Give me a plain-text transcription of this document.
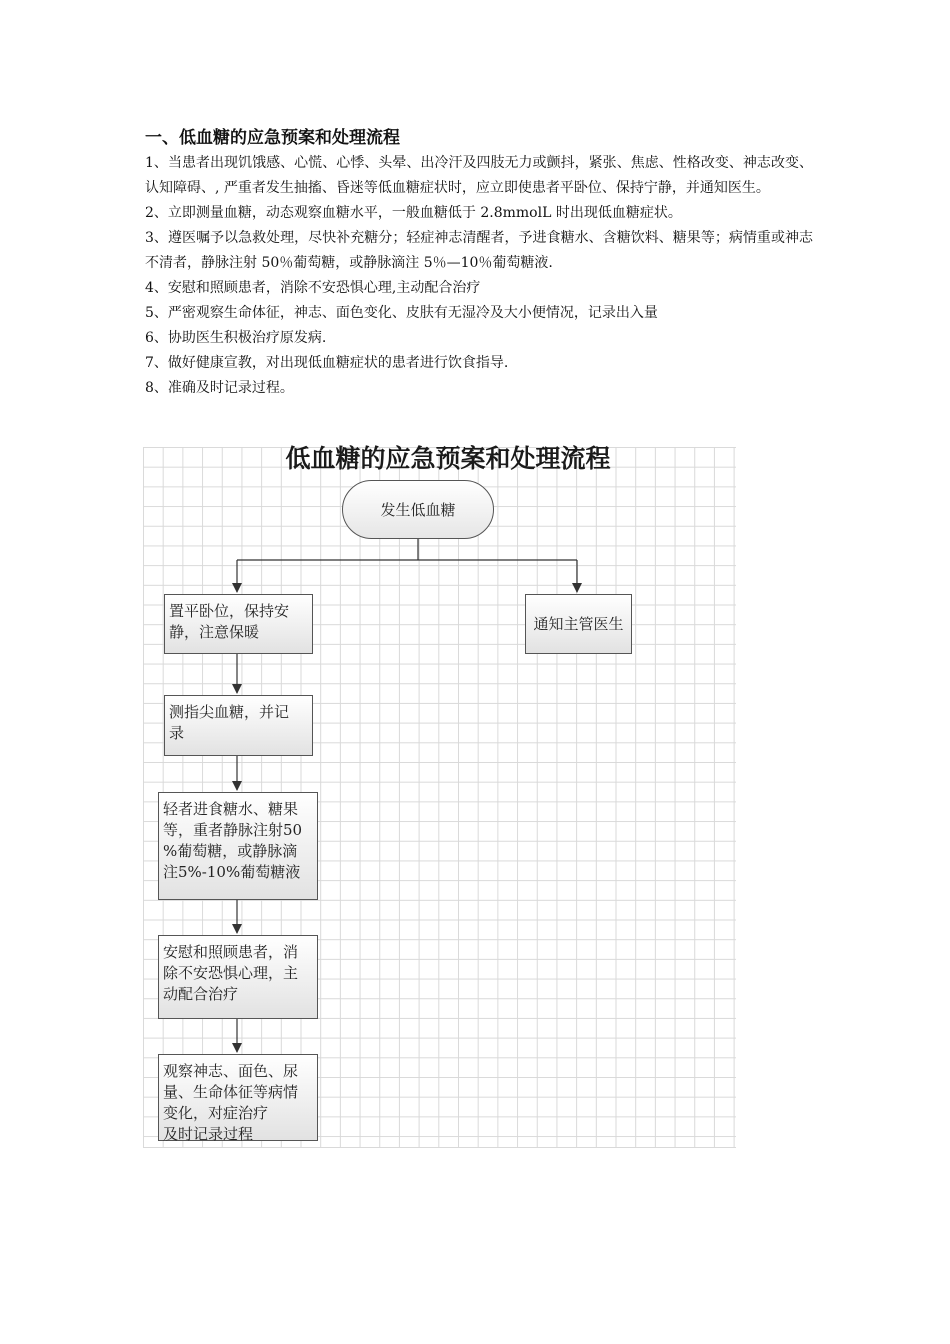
一、低血糖的应急预案和处理流程
1、当患者出现饥饿感、心慌、心悸、头晕、出冷汗及四肢无力或颤抖，紧张、焦虑、性格改变、神志改变、认知障碍、, 严重者发生抽搐、昏迷等低血糖症状时，应立即使患者平卧位、保持宁静，并通知医生。
2、立即测量血糖，动态观察血糖水平，一般血糖低于 2.8mmolL 时出现低血糖症状。
3、遵医嘱予以急救处理，尽快补充糖分；轻症神志清醒者，予进食糖水、含糖饮料、糖果等；病情重或神志不清者，静脉注射 50％葡萄糖，或静脉滴注 5％—10％葡萄糖液.
4、安慰和照顾患者，消除不安恐惧心理,主动配合治疗
5、严密观察生命体征，神志、面色变化、皮肤有无湿冷及大小便情况，记录出入量
6、协助医生积极治疗原发病.
7、做好健康宣教，对出现低血糖症状的患者进行饮食指导.
8、准确及时记录过程。
低血糖的应急预案和处理流程
发生低血糖
置平卧位，保持安
静，注意保暖	通知主管医生
测指尖血糖，并记
录
轻者进食糖水、糖果
等，重者静脉注射50
%葡萄糖，或静脉滴
注5%-10%葡萄糖液
安慰和照顾患者，消
除不安恐惧心理，主
动配合治疗
观察神志、面色、尿
量、生命体征等病情
变化，对症治疗
及时记录过程
